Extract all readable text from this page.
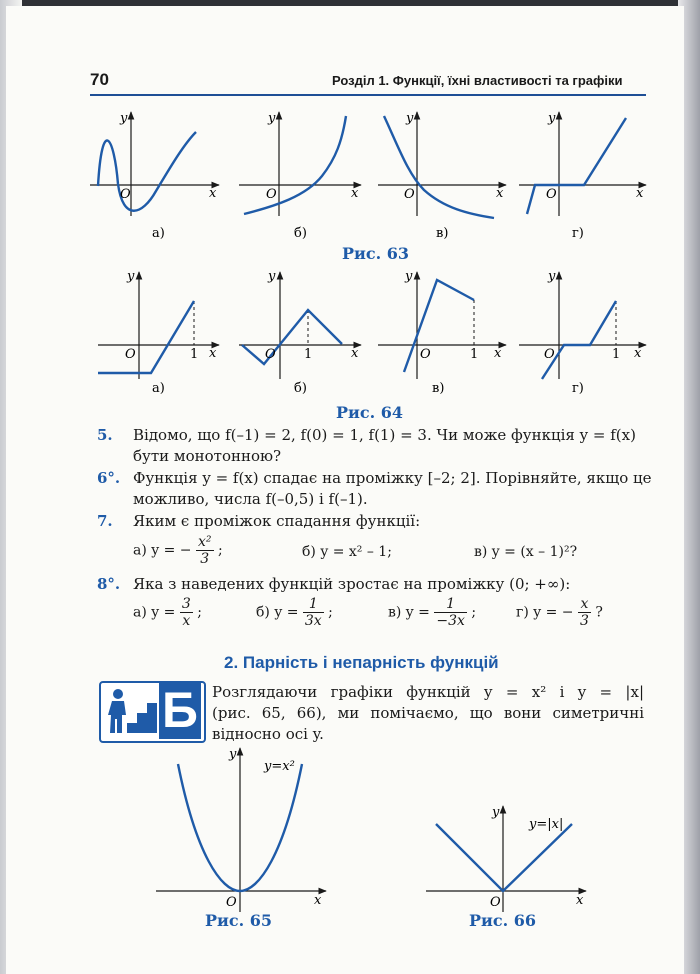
70	Розділ 1. Функції, їхні властивості та графіки
y
x
O
а)
y
x
O
б)
y
x
O
в)
y
x
O
г)
Рис. 63
y
x
O	1
а)
y
x
O 1
б)
y
x
O	1
в)
y
x
O	1
г)
Рис. 64
5. Відомо, що f(–1) = 2, f(0) = 1, f(1) = 3. Чи може функція y = f(x)
бути монотонною?
6°. Функція y = f(x) спадає на проміжку [–2; 2]. Порівняйте, якщо це
можливо, числа f(–0,5) і f(–1).
7. Яким є проміжок спадання функції:
а) y = − $\frac{\text{x²}}{3}$ ;	б) y = x² – 1;	в) y = (x – 1)²?
8°. Яка з наведених функцій зростає на проміжку (0; +∞):
а) $y = \frac{3}{x}$ ;	б) $y = \frac{1}{3x}$ ;	в) $y = \frac{1}{-3x}$ ;	г) y = − $\frac{x}{3}$ ?
2. Парність і непарність функцій
Б Розглядаючи графіки функцій y = x² і y = |x|
(рис. 65, 66), ми помічаємо, що вони симетричні
відносно осі y.
y
x
O
y=x²
y
x
O
y=|x|
Рис. 65	Рис. 66
